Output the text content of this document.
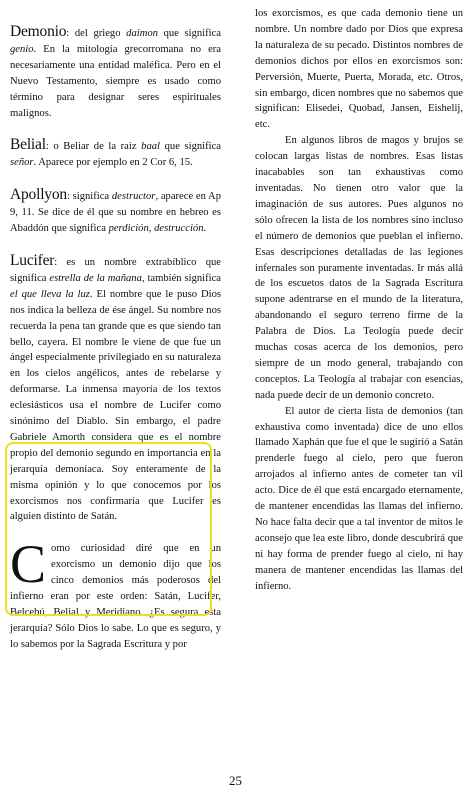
Demonio: del griego daimon que significa genio. En la mitología grecorromana no era necesariamente una entidad maléfica. Pero en el Nuevo Testamento, siempre es usado como término para designar seres espirituales malignos.

Belial: o Beliar de la raíz baal que significa señor. Aparece por ejemplo en 2 Cor 6, 15.

Apollyon: significa destructor, aparece en Ap 9, 11. Se dice de él que su nombre en hebreo es Abaddón que significa perdición, destrucción.

Lucifer: es un nombre extrabíblico que significa estrella de la mañana, también significa el que lleva la luz. El nombre que le puso Dios nos indica la belleza de ése ángel. Su nombre nos recuerda la pena tan grande que es que siendo tan bello, cayera. El nombre le viene de que fue un ángel especialmente privilegiado en su naturaleza en los cielos angélicos, antes de rebelarse y deformarse. La inmensa mayoría de los textos eclesiásticos usa el nombre de Lucifer como sinónimo del Diablo. Sin embargo, el padre Gabriele Amorth considera que es el nombre propio del demonio segundo en importancia en la jerarquía demoníaca. Soy enteramente de la misma opinión y lo que conocemos por los exorcismos nos confirmaría que Lucifer es alguien distinto de Satán.

C omo curiosidad diré que en un exorcismo un demonio dijo que los cinco demonios más poderosos del infierno eran por este orden: Satán, Lucifer, Belcebú, Belial y Meridiano. ¿Es segura esta jerarquía? Sólo Dios lo sabe. Lo que es seguro, y lo sabemos por la Sagrada Escritura y por

los exorcismos, es que cada demonio tiene un nombre. Un nombre dado por Dios que expresa la naturaleza de su pecado. Distintos nombres de demonios dichos por ellos en exorcismos son: Perversión, Muerte, Puerta, Morada, etc. Otros, sin embargo, dicen nombres que no sabemos que significan: Elisedei, Quobad, Jansen, Eishelij, etc.

En algunos libros de magos y brujos se colocan largas listas de nombres. Esas listas inacabables son tan exhaustivas como inventadas. No tienen otro valor que la imaginación de sus autores. Pues algunos no sólo ofrecen la lista de los nombres sino incluso el número de demonios que pueblan el infierno. Esas descripciones detalladas de las legiones infernales son puramente inventadas. Ir más allá de los escuetos datos de la Sagrada Escritura supone adentrarse en el mundo de la literatura, abandonando el seguro terreno firme de la Palabra de Dios. La Teología puede decir muchas cosas acerca de los demonios, pero siempre de un modo general, trabajando con conceptos. La Teología al trabajar con esencias, nada puede decir de un demonio concreto.

El autor de cierta lista de demonios (tan exhaustiva como inventada) dice de uno ellos llamado Xaphán que fue el que le sugirió a Satán prenderle fuego al cielo, pero que fueron arrojados al infierno antes de cometer tan vil acto. Dice de él que está encargado eternamente, de mantener encendidas las llamas del infierno. No hace falta decir que a tal inventor de mitos le aconsejo que lea este libro, donde descubrirá que ni hay forma de prender fuego al cielo, ni hay manera de mantener encendidas las llamas del infierno.

25
